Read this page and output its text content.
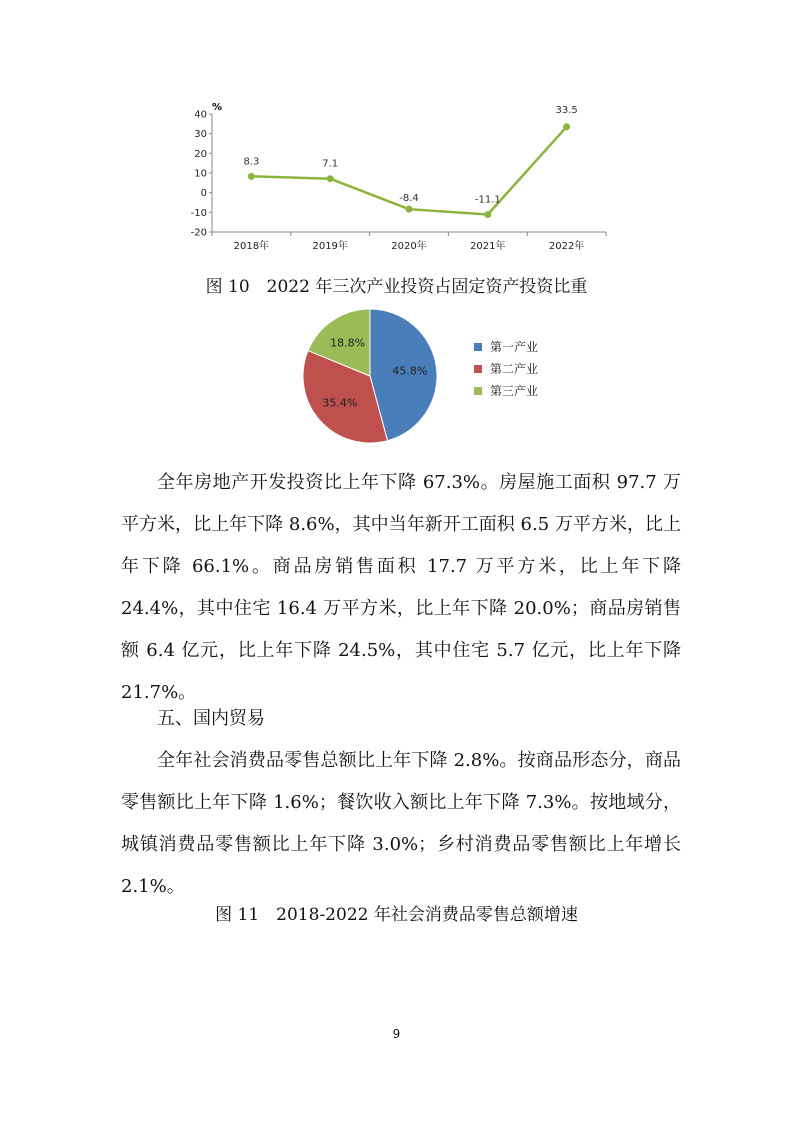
%
40
30
20
10
0
-10
-20
2018年	2019年	2020年	2021年	2022年
8.3	7.1
-8.4	-11.1
33.5
图 10　2022 年三次产业投资占固定资产投资比重
45.8%
35.4%
18.8%	第一产业
第二产业
第三产业

全年房地产开发投资比上年下降 67.3%。房屋施工面积 97.7 万平方米，比上年下降 8.6%，其中当年新开工面积 6.5 万平方米，比上年下降 66.1%。商品房销售面积 17.7 万平方米，比上年下降 24.4%，其中住宅 16.4 万平方米，比上年下降 20.0%；商品房销售额 6.4 亿元，比上年下降 24.5%，其中住宅 5.7 亿元，比上年下降 21.7%。

五、国内贸易

全年社会消费品零售总额比上年下降 2.8%。按商品形态分，商品零售额比上年下降 1.6%；餐饮收入额比上年下降 7.3%。按地域分，城镇消费品零售额比上年下降 3.0%；乡村消费品零售额比上年增长 2.1%。

图 11　2018-2022 年社会消费品零售总额增速
9
